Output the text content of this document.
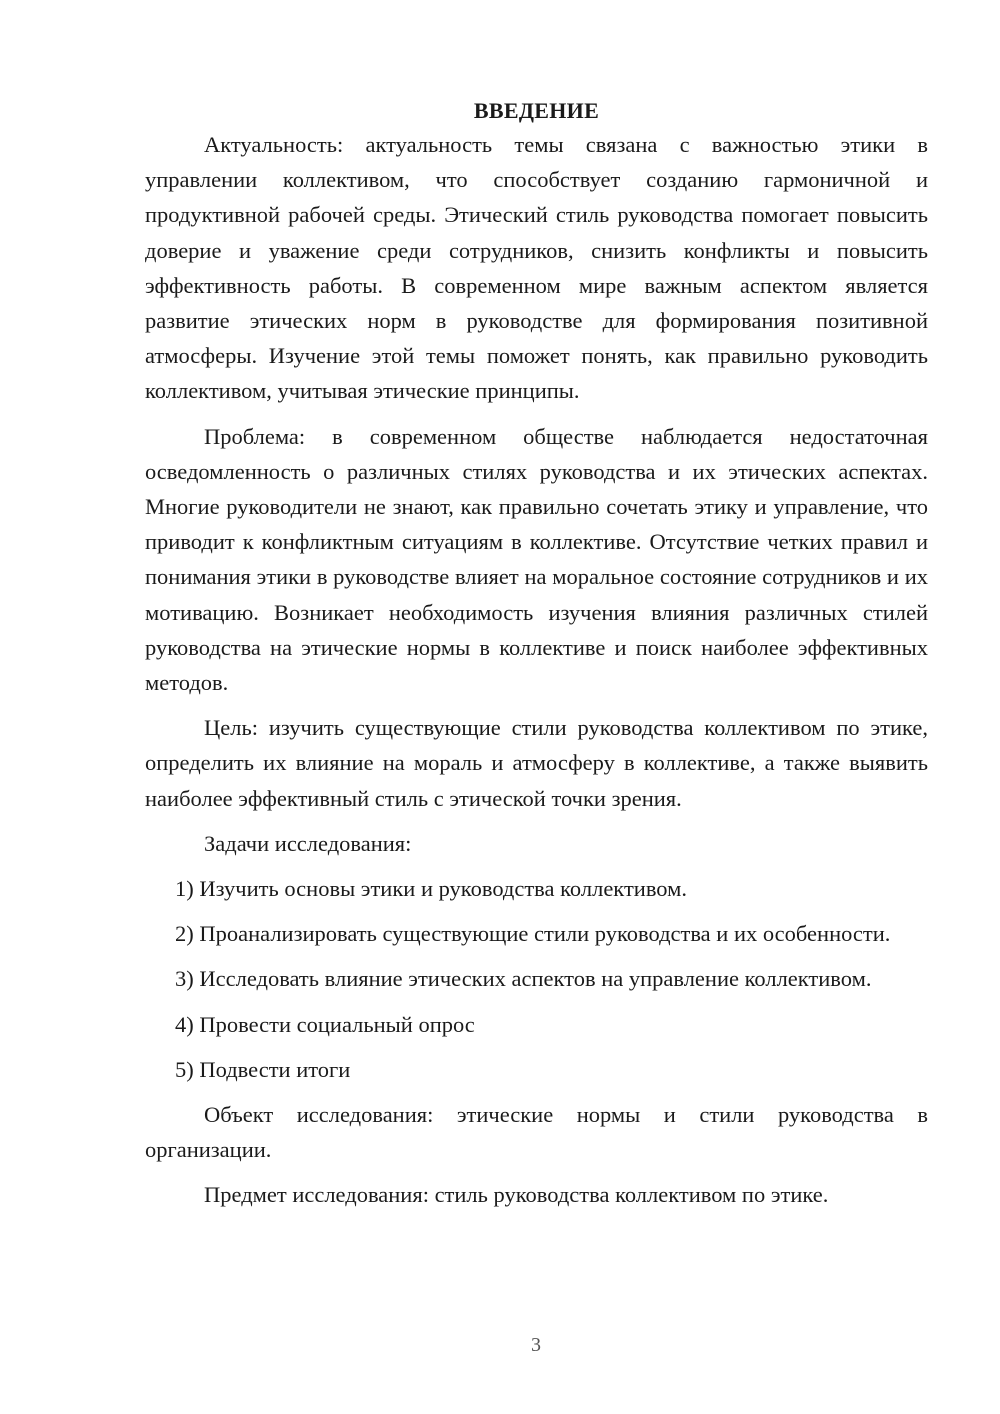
ВВЕДЕНИЕ

Актуальность: актуальность темы связана с важностью этики в управлении коллективом, что способствует созданию гармоничной и продуктивной рабочей среды. Этический стиль руководства помогает повысить доверие и уважение среди сотрудников, снизить конфликты и повысить эффективность работы. В современном мире важным аспектом является развитие этических норм в руководстве для формирования позитивной атмосферы. Изучение этой темы поможет понять, как правильно руководить коллективом, учитывая этические принципы.

Проблема: в современном обществе наблюдается недостаточная осведомленность о различных стилях руководства и их этических аспектах. Многие руководители не знают, как правильно сочетать этику и управление, что приводит к конфликтным ситуациям в коллективе. Отсутствие четких правил и понимания этики в руководстве влияет на моральное состояние сотрудников и их мотивацию. Возникает необходимость изучения влияния различных стилей руководства на этические нормы в коллективе и поиск наиболее эффективных методов.

Цель: изучить существующие стили руководства коллективом по этике, определить их влияние на мораль и атмосферу в коллективе, а также выявить наиболее эффективный стиль с этической точки зрения.

Задачи исследования:

1) Изучить основы этики и руководства коллективом.

2) Проанализировать существующие стили руководства и их особенности.

3) Исследовать влияние этических аспектов на управление коллективом.

4) Провести социальный опрос

5) Подвести итоги

Объект исследования: этические нормы и стили руководства в организации.

Предмет исследования: стиль руководства коллективом по этике.

3
